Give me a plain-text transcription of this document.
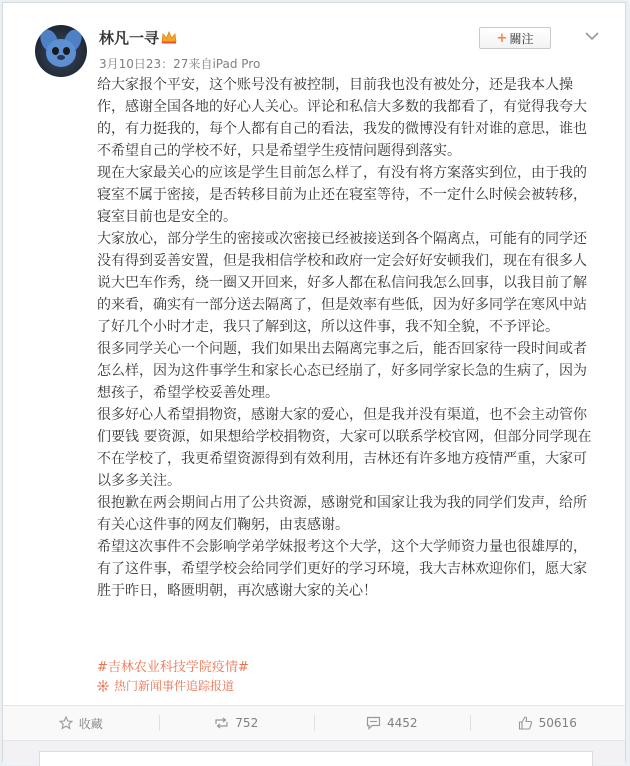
林凡一寻
3月10日23：27来自iPad Pro
+ 關注

给大家报个平安，这个账号没有被控制，目前我也没有被处分，还是我本人操作，感谢全国各地的好心人关心。评论和私信大多数的我都看了，有觉得我夸大的，有力挺我的，每个人都有自己的看法，我发的微博没有针对谁的意思，谁也不希望自己的学校不好，只是希望学生疫情问题得到落实。

现在大家最关心的应该是学生目前怎么样了，有没有将方案落实到位，由于我的寝室不属于密接，是否转移目前为止还在寝室等待，不一定什么时候会被转移，寝室目前也是安全的。

大家放心，部分学生的密接或次密接已经被接送到各个隔离点，可能有的同学还没有得到妥善安置，但是我相信学校和政府一定会好好安顿我们，现在有很多人说大巴车作秀，绕一圈又开回来，好多人都在私信问我怎么回事，以我目前了解的来看，确实有一部分送去隔离了，但是效率有些低，因为好多同学在寒风中站了好几个小时才走，我只了解到这，所以这件事，我不知全貌，不予评论。

很多同学关心一个问题，我们如果出去隔离完事之后，能否回家待一段时间或者怎么样，因为这件事学生和家长心态已经崩了，好多同学家长急的生病了，因为想孩子，希望学校妥善处理。

很多好心人希望捐物资，感谢大家的爱心，但是我并没有渠道，也不会主动管你们要钱 要资源，如果想给学校捐物资，大家可以联系学校官网，但部分同学现在不在学校了，我更希望资源得到有效利用，吉林还有许多地方疫情严重，大家可以多多关注。

很抱歉在两会期间占用了公共资源，感谢党和国家让我为我的同学们发声，给所有关心这件事的网友们鞠躬，由衷感谢。

希望这次事件不会影响学弟学妹报考这个大学，这个大学师资力量也很雄厚的，有了这件事，希望学校会给同学们更好的学习环境，我大吉林欢迎你们，愿大家胜于昨日，略匮明朝，再次感谢大家的关心！

#吉林农业科技学院疫情#
热门新闻事件追踪报道
收藏	752	4452	50616
